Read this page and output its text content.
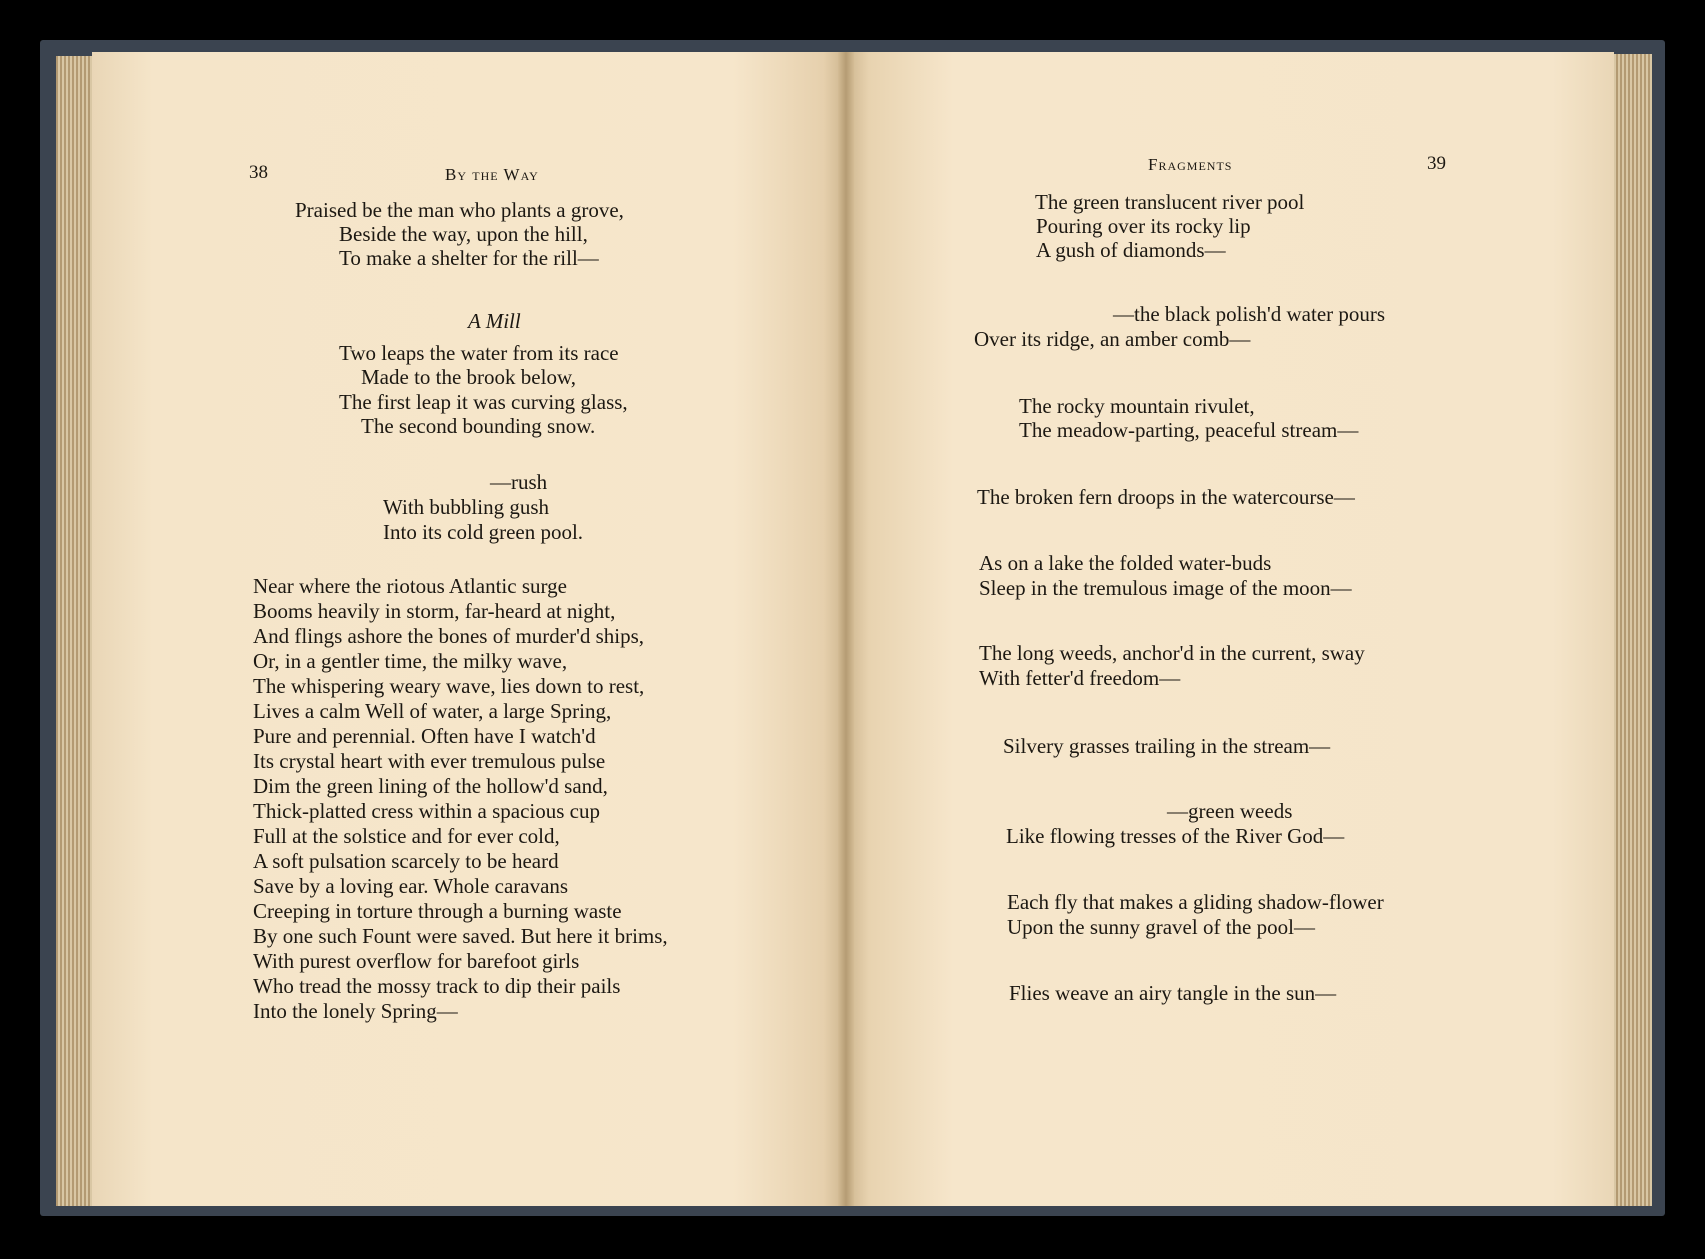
38	By the Way
Praised be the man who plants a grove,
Beside the way, upon the hill,
To make a shelter for the rill—
A Mill
Two leaps the water from its race
Made to the brook below,
The first leap it was curving glass,
The second bounding snow.
—rush
With bubbling gush
Into its cold green pool.
Near where the riotous Atlantic surge
Booms heavily in storm, far-heard at night,
And flings ashore the bones of murder'd ships,
Or, in a gentler time, the milky wave,
The whispering weary wave, lies down to rest,
Lives a calm Well of water, a large Spring,
Pure and perennial. Often have I watch'd
Its crystal heart with ever tremulous pulse
Dim the green lining of the hollow'd sand,
Thick-platted cress within a spacious cup
Full at the solstice and for ever cold,
A soft pulsation scarcely to be heard
Save by a loving ear. Whole caravans
Creeping in torture through a burning waste
By one such Fount were saved. But here it brims,
With purest overflow for barefoot girls
Who tread the mossy track to dip their pails
Into the lonely Spring—
Fragments	39
The green translucent river pool
Pouring over its rocky lip
A gush of diamonds—
—the black polish'd water pours
Over its ridge, an amber comb—
The rocky mountain rivulet,
The meadow-parting, peaceful stream—
The broken fern droops in the watercourse—
As on a lake the folded water-buds
Sleep in the tremulous image of the moon—
The long weeds, anchor'd in the current, sway
With fetter'd freedom—
Silvery grasses trailing in the stream—
—green weeds
Like flowing tresses of the River God—
Each fly that makes a gliding shadow-flower
Upon the sunny gravel of the pool—
Flies weave an airy tangle in the sun—
